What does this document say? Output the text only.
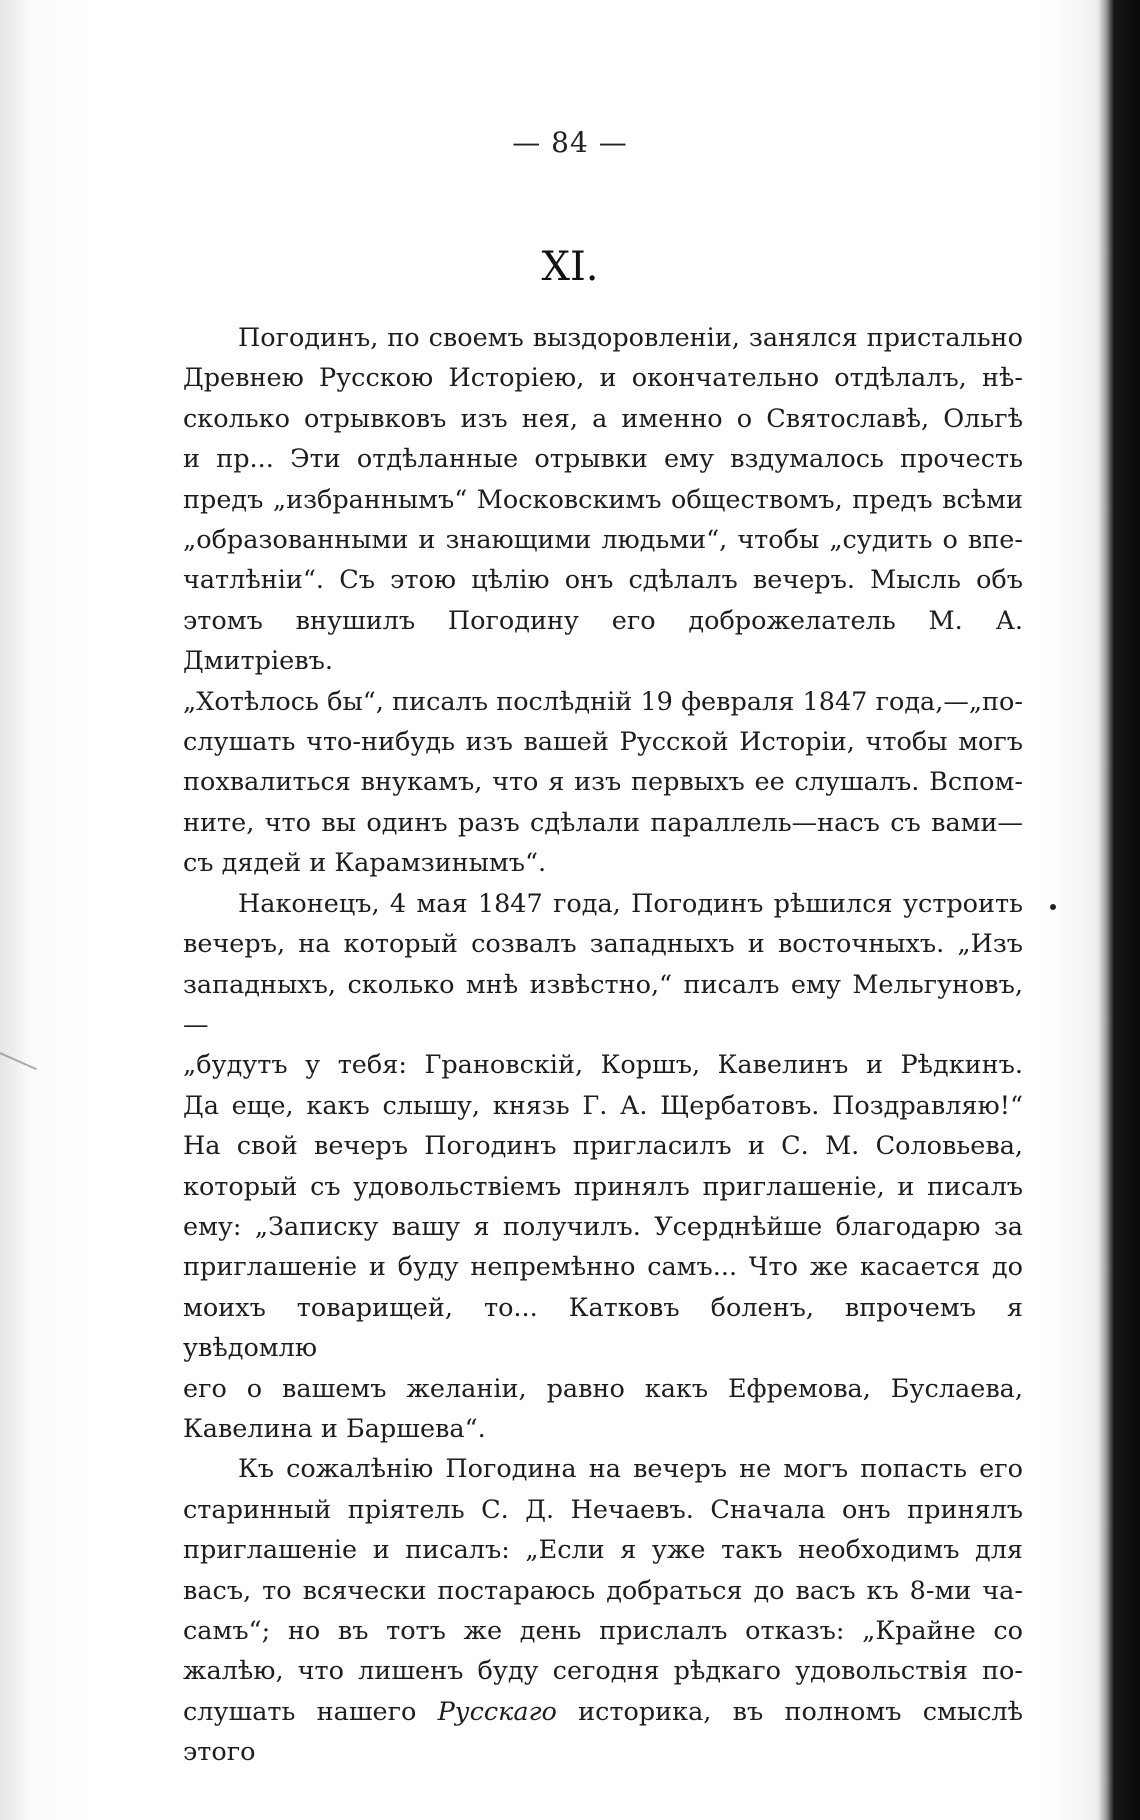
— 84 —
XI.

Погодинъ, по своемъ выздоровленіи, занялся пристально

Древнею Русскою Исторіею, и окончательно отдѣлалъ, нѣ-

сколько отрывковъ изъ нея, а именно о Святославѣ, Ольгѣ

и пр... Эти отдѣланные отрывки ему вздумалось прочесть

предъ „избраннымъ“ Московскимъ обществомъ, предъ всѣми

„образованными и знающими людьми“, чтобы „судить о впе-

чатлѣніи“. Съ этою цѣлію онъ сдѣлалъ вечеръ. Мысль объ

этомъ внушилъ Погодину его доброжелатель М. А. Дмитріевъ.

„Хотѣлось бы“, писалъ послѣдній 19 февраля 1847 года,—„по-

слушать что-нибудь изъ вашей Русской Исторіи, чтобы могъ

похвалиться внукамъ, что я изъ первыхъ ее слушалъ. Вспом-

ните, что вы одинъ разъ сдѣлали параллель—насъ съ вами—

съ дядей и Карамзинымъ“.

Наконецъ, 4 мая 1847 года, Погодинъ рѣшился устроить

вечеръ, на который созвалъ западныхъ и восточныхъ. „Изъ

западныхъ, сколько мнѣ извѣстно,“ писалъ ему Мельгуновъ,—

„будутъ у тебя: Грановскій, Коршъ, Кавелинъ и Рѣдкинъ.

Да еще, какъ слышу, князь Г. А. Щербатовъ. Поздравляю!“

На свой вечеръ Погодинъ пригласилъ и С. М. Соловьева,

который съ удовольствіемъ принялъ приглашеніе, и писалъ

ему: „Записку вашу я получилъ. Усерднѣйше благодарю за

приглашеніе и буду непремѣнно самъ... Что же касается до

моихъ товарищей, то... Катковъ боленъ, впрочемъ я увѣдомлю

его о вашемъ желаніи, равно какъ Ефремова, Буслаева,

Кавелина и Баршева“.

Къ сожалѣнію Погодина на вечеръ не могъ попасть его

старинный пріятель С. Д. Нечаевъ. Сначала онъ принялъ

приглашеніе и писалъ: „Если я уже такъ необходимъ для

васъ, то всячески постараюсь добраться до васъ къ 8-ми ча-

самъ“; но въ тотъ же день прислалъ отказъ: „Крайне со

жалѣю, что лишенъ буду сегодня рѣдкаго удовольствія по-

слушать нашего Русскаго историка, въ полномъ смыслѣ этого
